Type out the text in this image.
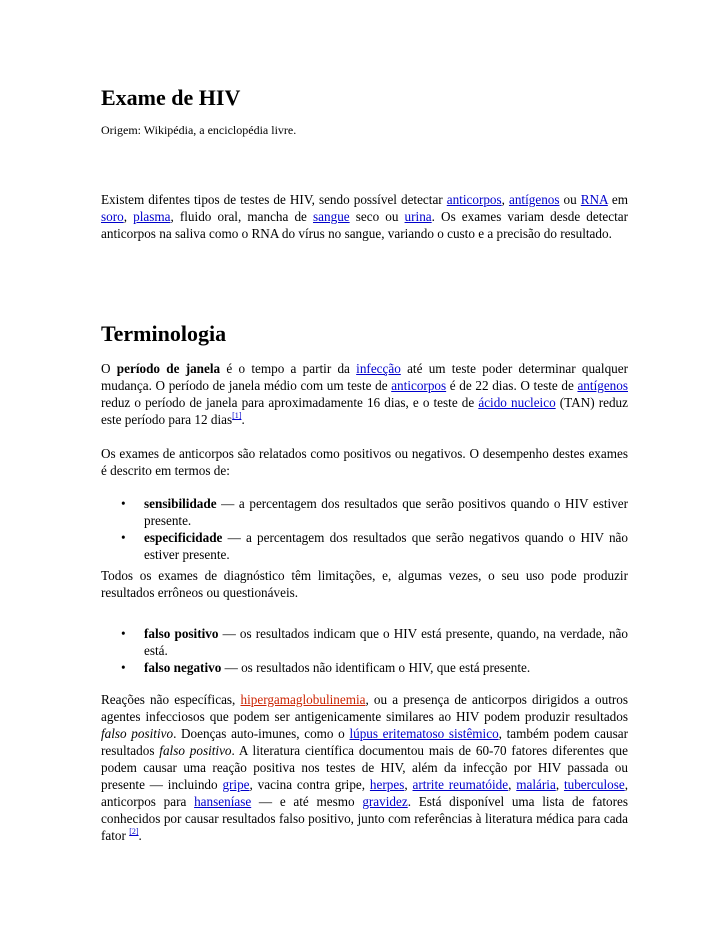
Exame de HIV
Origem: Wikipédia, a enciclopédia livre.

Existem difentes tipos de testes de HIV, sendo possível detectar anticorpos, antígenos ou RNA em soro, plasma, fluido oral, mancha de sangue seco ou urina. Os exames variam desde detectar anticorpos na saliva como o RNA do vírus no sangue, variando o custo e a precisão do resultado.

Terminologia

O período de janela é o tempo a partir da infecção até um teste poder determinar qualquer mudança. O período de janela médio com um teste de anticorpos é de 22 dias. O teste de antígenos reduz o período de janela para aproximadamente 16 dias, e o teste de ácido nucleico (TAN) reduz este período para 12 dias[1].

Os exames de anticorpos são relatados como positivos ou negativos. O desempenho destes exames é descrito em termos de:

• sensibilidade — a percentagem dos resultados que serão positivos quando o HIV estiver presente.
• especificidade — a percentagem dos resultados que serão negativos quando o HIV não estiver presente.

Todos os exames de diagnóstico têm limitações, e, algumas vezes, o seu uso pode produzir resultados errôneos ou questionáveis.

• falso positivo — os resultados indicam que o HIV está presente, quando, na verdade, não está.
• falso negativo — os resultados não identificam o HIV, que está presente.

Reações não específicas, hipergamaglobulinemia, ou a presença de anticorpos dirigidos a outros agentes infecciosos que podem ser antigenicamente similares ao HIV podem produzir resultados falso positivo. Doenças auto-imunes, como o lúpus eritematoso sistêmico, também podem causar resultados falso positivo. A literatura científica documentou mais de 60-70 fatores diferentes que podem causar uma reação positiva nos testes de HIV, além da infecção por HIV passada ou presente — incluindo gripe, vacina contra gripe, herpes, artrite reumatóide, malária, tuberculose, anticorpos para hanseníase — e até mesmo gravidez. Está disponível uma lista de fatores conhecidos por causar resultados falso positivo, junto com referências à literatura médica para cada fator [2].
